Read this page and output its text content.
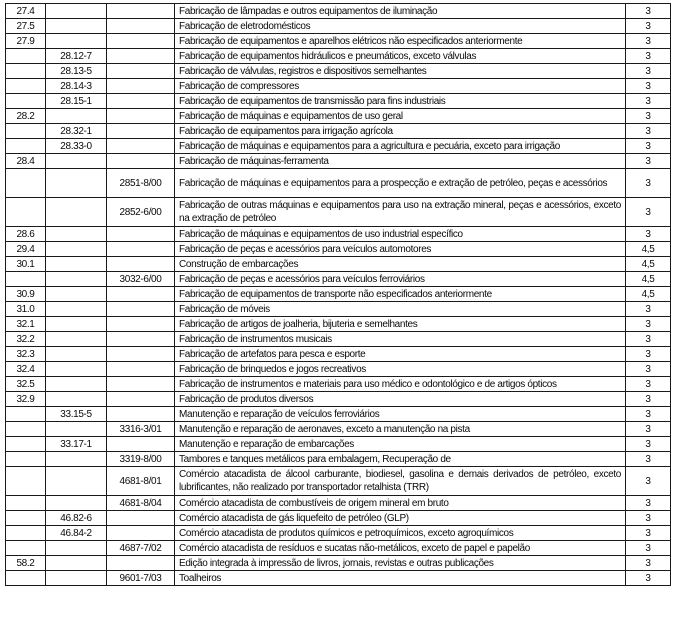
27.4			Fabricação de lâmpadas e outros equipamentos de iluminação	3
27.5			Fabricação de eletrodomésticos	3
27.9			Fabricação de equipamentos e aparelhos elétricos não especificados anteriormente	3
	28.12-7		Fabricação de equipamentos hidráulicos e pneumáticos, exceto válvulas	3
	28.13-5		Fabricação de válvulas, registros e dispositivos semelhantes	3
	28.14-3		Fabricação de compressores	3
	28.15-1		Fabricação de equipamentos de transmissão para fins industriais	3
28.2			Fabricação de máquinas e equipamentos de uso geral	3
	28.32-1		Fabricação de equipamentos para irrigação agrícola	3
	28.33-0		Fabricação de máquinas e equipamentos para a agricultura e pecuária, exceto para irrigação	3
28.4			Fabricação de máquinas-ferramenta	3
		2851-8/00	Fabricação de máquinas e equipamentos para a prospecção e extração de petróleo, peças e acessórios	3
		2852-6/00	Fabricação de outras máquinas e equipamentos para uso na extração mineral, peças e acessórios, exceto na extração de petróleo	3
28.6			Fabricação de máquinas e equipamentos de uso industrial específico	3
29.4			Fabricação de peças e acessórios para veículos automotores	4,5
30.1			Construção de embarcações	4,5
		3032-6/00	Fabricação de peças e acessórios para veículos ferroviários	4,5
30.9			Fabricação de equipamentos de transporte não especificados anteriormente	4,5
31.0			Fabricação de móveis	3
32.1			Fabricação de artigos de joalheria, bijuteria e semelhantes	3
32.2			Fabricação de instrumentos musicais	3
32.3			Fabricação de artefatos para pesca e esporte	3
32.4			Fabricação de brinquedos e jogos recreativos	3
32.5			Fabricação de instrumentos e materiais para uso médico e odontológico e de artigos ópticos	3
32.9			Fabricação de produtos diversos	3
	33.15-5		Manutenção e reparação de veículos ferroviários	3
		3316-3/01	Manutenção e reparação de aeronaves, exceto a manutenção na pista	3
	33.17-1		Manutenção e reparação de embarcações	3
		3319-8/00	Tambores e tanques metálicos para embalagem, Recuperação de	3
		4681-8/01	Comércio atacadista de álcool carburante, biodiesel, gasolina e demais derivados de petróleo, exceto lubrificantes, não realizado por transportador retalhista (TRR)	3
		4681-8/04	Comércio atacadista de combustíveis de origem mineral em bruto	3
	46.82-6		Comércio atacadista de gás liquefeito de petróleo (GLP)	3
	46.84-2		Comércio atacadista de produtos químicos e petroquímicos, exceto agroquímicos	3
		4687-7/02	Comércio atacadista de resíduos e sucatas não-metálicos, exceto de papel e papelão	3
58.2			Edição integrada à impressão de livros, jornais, revistas e outras publicações	3
		9601-7/03	Toalheiros	3
